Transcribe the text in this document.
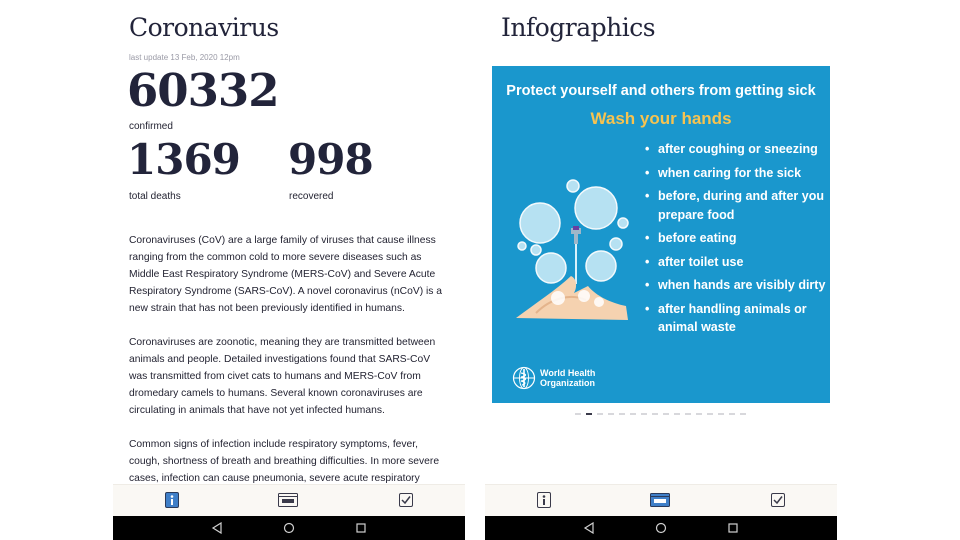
Coronavirus
last update 13 Feb, 2020 12pm
60332
confirmed
1369
total deaths
998
recovered

Coronaviruses (CoV) are a large family of viruses that cause illness ranging from the common cold to more severe diseases such as Middle East Respiratory Syndrome (MERS-CoV) and Severe Acute Respiratory Syndrome (SARS-CoV). A novel coronavirus (nCoV) is a new strain that has not been previously identified in humans.

Coronaviruses are zoonotic, meaning they are transmitted between animals and people. Detailed investigations found that SARS-CoV was transmitted from civet cats to humans and MERS-CoV from dromedary camels to humans. Several known coronaviruses are circulating in animals that have not yet infected humans.

Common signs of infection include respiratory symptoms, fever, cough, shortness of breath and breathing difficulties. In more severe cases, infection can cause pneumonia, severe acute respiratory

Infographics
Protect yourself and others from getting sick
Wash your hands
• after coughing or sneezing
• when caring for the sick
• before, during and after you prepare food
• before eating
• after toilet use
• when hands are visibly dirty
• after handling animals or animal waste
World Health
Organization
